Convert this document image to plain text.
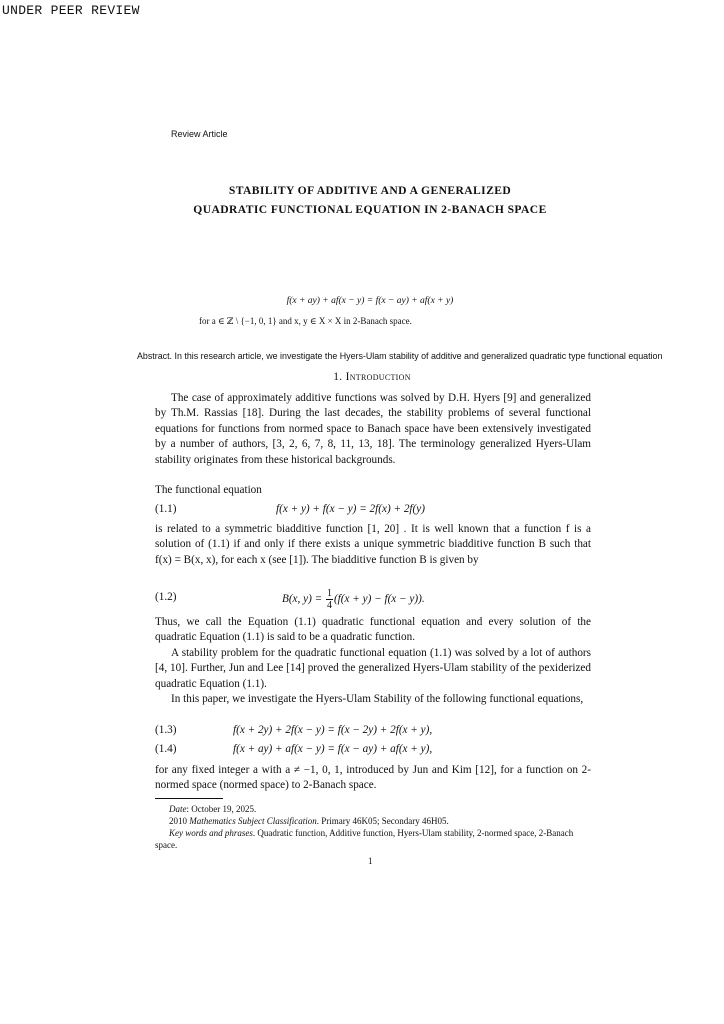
UNDER PEER REVIEW
Review Article
STABILITY OF ADDITIVE AND A GENERALIZED
QUADRATIC FUNCTIONAL EQUATION IN 2-BANACH SPACE
f(x + ay) + af(x − y) = f(x − ay) + af(x + y)
for a ∈ ℤ \ {−1, 0, 1} and x, y ∈ X × X in 2-Banach space.
Abstract. In this research article, we investigate the Hyers-Ulam stability of additive and generalized quadratic type functional equation
1. Introduction
The case of approximately additive functions was solved by D.H. Hyers [9] and generalized by Th.M. Rassias [18]. During the last decades, the stability problems of several functional equations for functions from normed space to Banach space have been extensively investigated by a number of authors, [3, 2, 6, 7, 8, 11, 13, 18]. The terminology generalized Hyers-Ulam stability originates from these historical backgrounds.
The functional equation
(1.1)	f(x + y) + f(x − y) = 2f(x) + 2f(y)
is related to a symmetric biadditive function [1, 20] . It is well known that a function f is a solution of (1.1) if and only if there exists a unique symmetric biadditive function B such that f(x) = B(x, x), for each x (see [1]). The biadditive function B is given by
(1.2)	B(x, $y) = \frac{1}{4} (f(x + y) - f(x - y))$.
Thus, we call the Equation (1.1) quadratic functional equation and every solution of the quadratic Equation (1.1) is said to be a quadratic function.
A stability problem for the quadratic functional equation (1.1) was solved by a lot of authors [4, 10]. Further, Jun and Lee [14] proved the generalized Hyers-Ulam stability of the pexiderized quadratic Equation (1.1).
In this paper, we investigate the Hyers-Ulam Stability of the following functional equations,
(1.3)	f(x + 2y) + 2f(x − y) = f(x − 2y) + 2f(x + y),
(1.4)	f(x + ay) + af(x − y) = f(x − ay) + af(x + y),
for any fixed integer a with a ≠ −1, 0, 1, introduced by Jun and Kim [12], for a function on 2-normed space (normed space) to 2-Banach space.
Date: October 19, 2025.
2010 Mathematics Subject Classification. Primary 46K05; Secondary 46H05.
Key words and phrases. Quadratic function, Additive function, Hyers-Ulam stability, 2-normed space, 2-Banach space.
1
